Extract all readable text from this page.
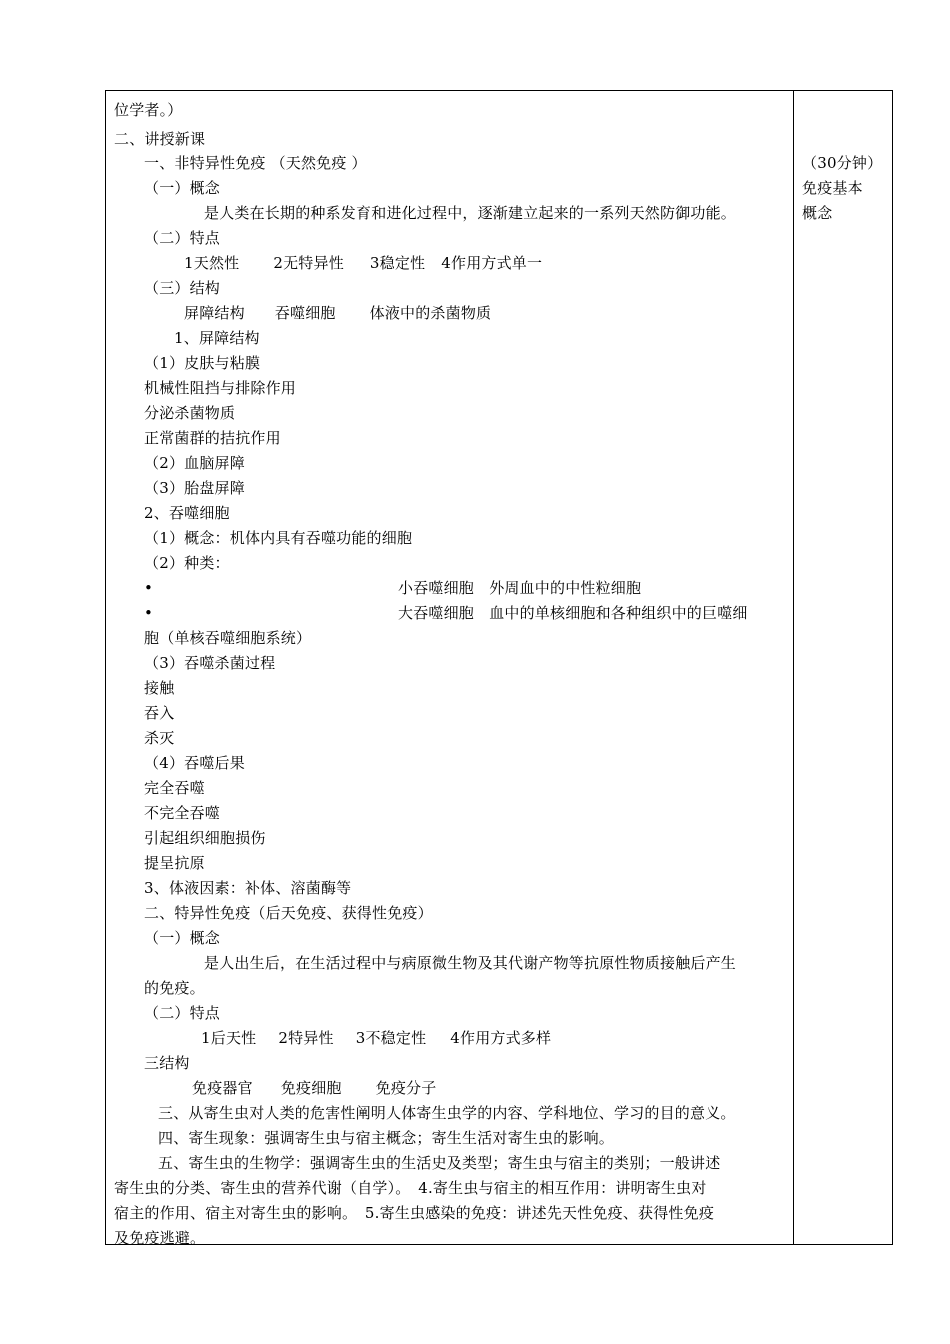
位学者。）
二、讲授新课
一、非特异性免疫 （天然免疫 ）
（一）概念
是人类在长期的种系发育和进化过程中，逐渐建立起来的一系列天然防御功能。
（二）特点
1天然性 2无特异性 3稳定性 4作用方式单一
（三）结构
屏障结构 吞噬细胞 体液中的杀菌物质
1、屏障结构
（1）皮肤与粘膜
机械性阻挡与排除作用
分泌杀菌物质
正常菌群的拮抗作用
（2）血脑屏障
（3）胎盘屏障
2、吞噬细胞
（1）概念：机体内具有吞噬功能的细胞
（2）种类：
•	小吞噬细胞　外周血中的中性粒细胞
•	大吞噬细胞　血中的单核细胞和各种组织中的巨噬细
胞（单核吞噬细胞系统）
（3）吞噬杀菌过程
接触
吞入
杀灭
（4）吞噬后果
完全吞噬
不完全吞噬
引起组织细胞损伤
提呈抗原
3、体液因素：补体、溶菌酶等
二、特异性免疫（后天免疫、获得性免疫）
（一）概念
是人出生后，在生活过程中与病原微生物及其代谢产物等抗原性物质接触后产生
的免疫。
（二）特点
1后天性 2特异性 3不稳定性 4作用方式多样
三结构
免疫器官 免疫细胞 免疫分子
三、从寄生虫对人类的危害性阐明人体寄生虫学的内容、学科地位、学习的目的意义。
四、寄生现象：强调寄生虫与宿主概念；寄生生活对寄生虫的影响。
五、寄生虫的生物学：强调寄生虫的生活史及类型；寄生虫与宿主的类别；一般讲述
寄生虫的分类、寄生虫的营养代谢（自学）。　4.寄生虫与宿主的相互作用：讲明寄生虫对
宿主的作用、宿主对寄生虫的影响。　5.寄生虫感染的免疫：讲述先天性免疫、获得性免疫
及免疫逃避。
（30分钟）
免疫基本
概念
